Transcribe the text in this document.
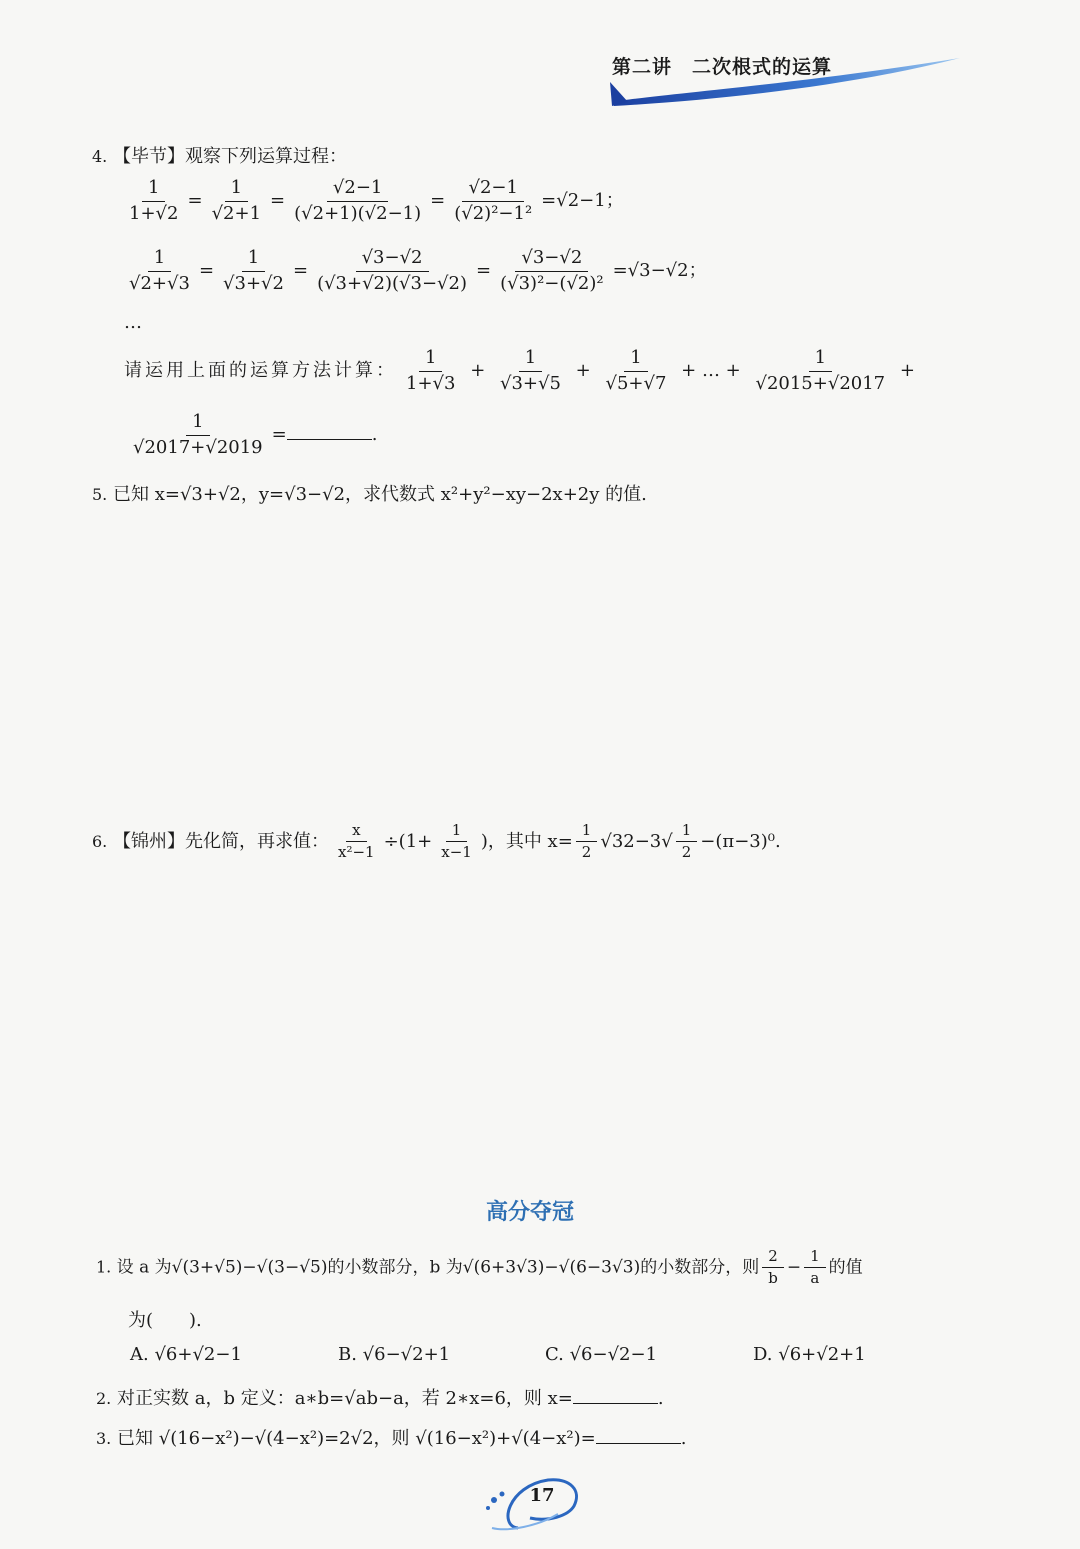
第二讲　二次根式的运算
4. 【毕节】观察下列运算过程：
$\frac{1}{1+√2} = \frac{1}{√2+1} = \frac{√2-1}{(√2+1)(√2-1)} = \frac{√2-1}{\text{(√2)²−1²}} =√2-1$；
$\frac{1}{√2+√3} = \frac{1}{√3+√2} = \frac{√3-√2}{(√3+√2)(√3-√2)} = \frac{√3-√2}{\text{(√3)²−(√2)²}} =√3-√2$；
…
请运用上面的运算方法计算： $\frac{1}{1+√3} + \frac{1}{√3+√5} + \frac{1}{√5+√7}$ + … + $\frac{1}{√2015+√2017}$ +
$\frac{1}{√2017+√2019}$ =	.
5. 已知 x=√3+√2，y=√3−√2，求代数式 x²+y²−xy−2x+2y 的值.
6. 【锦州】先化简，再求值： $\frac{x}{\text{x²−1}} \div(1+ \frac{1}{x-1}$ )，其中 $x= \frac{1}{2} √32-3√ \frac{1}{2} -(\pi-3)^0$.
高分夺冠
1. 设 a 为√(3+√5)−√(3−√5)的小数部分，b 为√(6+3√3)−√(6−3√3)的小数部分，则 $\frac{2}{b} - \frac{1}{a}$ 的值
为(　　).
A. √6+√2−1	B. √6−√2+1	C. √6−√2−1	D. √6+√2+1
2. 对正实数 a，b 定义：a∗b=√ab−a，若 2∗x=6，则 x=	.
3. 已知 √(16−x²)−√(4−x²)=2√2，则 √(16−x²)+√(4−x²)=	.
17
